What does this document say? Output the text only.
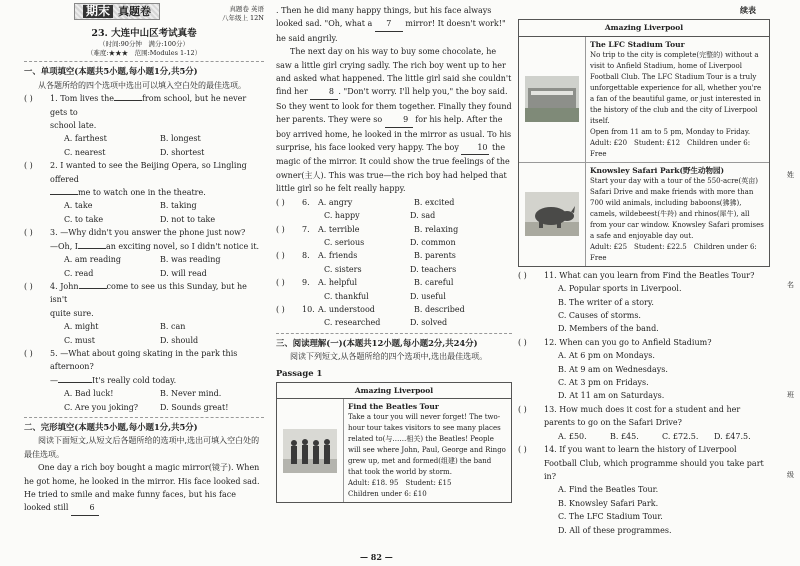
期末 真题卷	真题卷 英语
八年级上 12N
23. 大连中山区考试真卷
（时间:90分钟　满分:100分）
（难度:★★★　范围:Modules 1-12）
一、单项填空(本题共5小题,每小题1分,共5分)

从各题所给的四个选项中选出可以填入空白处的最佳选项。

( )	1. Tom lives the	from school, but he never gets to
school late.
A. farthest	B. longest
C. nearest	D. shortest
( )	2. I wanted to see the Beijing Opera, so Lingling offered
me to watch one in the theatre.
A. take	B. taking
C. to take	D. not to take
( )	3. —Why didn't you answer the phone just now?
—Oh, I	an exciting novel, so I didn't notice it.
A. am reading	B. was reading
C. read	D. will read
( )	4. John	come to see us this Sunday, but he isn't
quite sure.
A. might	B. can
C. must	D. should
( )	5. —What about going skating in the park this afternoon?
—	It's really cold today.
A. Bad luck!	B. Never mind.
C. Are you joking?	D. Sounds great!
二、完形填空(本题共5小题,每小题1分,共5分)

阅读下面短文,从短文后各题所给的选项中,选出可填入空白处的最佳选项。

One day a rich boy bought a magic mirror(镜子). When he got home, he looked in the mirror. His face looked sad. He tried to smile and make funny faces, but his face looked still	6

. Then he did many happy things, but his face always looked sad. "Oh, what a 7 mirror! It doesn't work!" he said angrily.

The next day on his way to buy some chocolate, he saw a little girl crying sadly. The rich boy went up to her and asked what happened. The little girl said she couldn't find her	8 . "Don't worry. I'll help you," the boy said. So they went to look for them together. Finally they found her parents. They were so	9 for his help. After the boy arrived home, he looked in the mirror as usual. To his surprise, his face looked very happy. The boy 10 the magic of the mirror. It could show the true feelings of the owner(主人). This was true—the rich boy had helped that little girl so he felt really happy.

( )	6.	A. angry	B. excited
C. happy	D. sad
( )	7.	A. terrible	B. relaxing
C. serious	D. common
( )	8.	A. friends	B. parents
C. sisters	D. teachers
( )	9.	A. helpful	B. careful
C. thankful	D. useful
( )	10. A. understood	B. described
C. researched	D. solved
三、阅读理解(一)(本题共12小题,每小题2分,共24分)

阅读下列短文,从各题所给的四个选项中,选出最佳选项。

Passage 1
Amazing Liverpool
Find the Beatles Tour
Take a tour you will never forget! The two-hour tour takes visitors to see many places related to(与……相关) the Beatles! People will see where John, Paul, George and Ringo grew up, met and formed(组建) the band that took the world by storm.
Adult: £18. 95　Student: £15
Children under 6: £10
续表
Amazing Liverpool
The LFC Stadium Tour
No trip to the city is complete(完整的) without a visit to Anfield Stadium, home of Liverpool Football Club. The LFC Stadium Tour is a truly unforgettable experience for all, whether you're a fan of the beautiful game, or just interested in the history of the club and the city of Liverpool itself.
Open from 11 am to 5 pm, Monday to Friday.
Adult: £20　Student: £12　Children under 6: Free
Knowsley Safari Park(野生动物园)
Start your day with a tour of the 550-acre(英亩) Safari Drive and make friends with more than 700 wild animals, including baboons(狒狒), camels, wildebeest(牛羚) and rhinos(犀牛), all from your car window. Knowsley Safari promises a safe and enjoyable day out.
Adult: £25　Student: £22.5　Children under 6: Free
( )	11. What can you learn from Find the Beatles Tour?
A. Popular sports in Liverpool.
B. The writer of a story.
C. Causes of storms.
D. Members of the band.
( )	12. When can you go to Anfield Stadium?
A. At 6 pm on Mondays.
B. At 9 am on Wednesdays.
C. At 3 pm on Fridays.
D. At 11 am on Saturdays.
( )	13. How much does it cost for a student and her parents to go on the Safari Drive?
A. £50.	B. £45.	C. £72.5.	D. £47.5.
( )	14. If you want to learn the history of Liverpool Football Club, which programme should you take part in?
A. Find the Beatles Tour.
B. Knowsley Safari Park.
C. The LFC Stadium Tour.
D. All of these programmes.
— 82 —
姓
名
班
级
